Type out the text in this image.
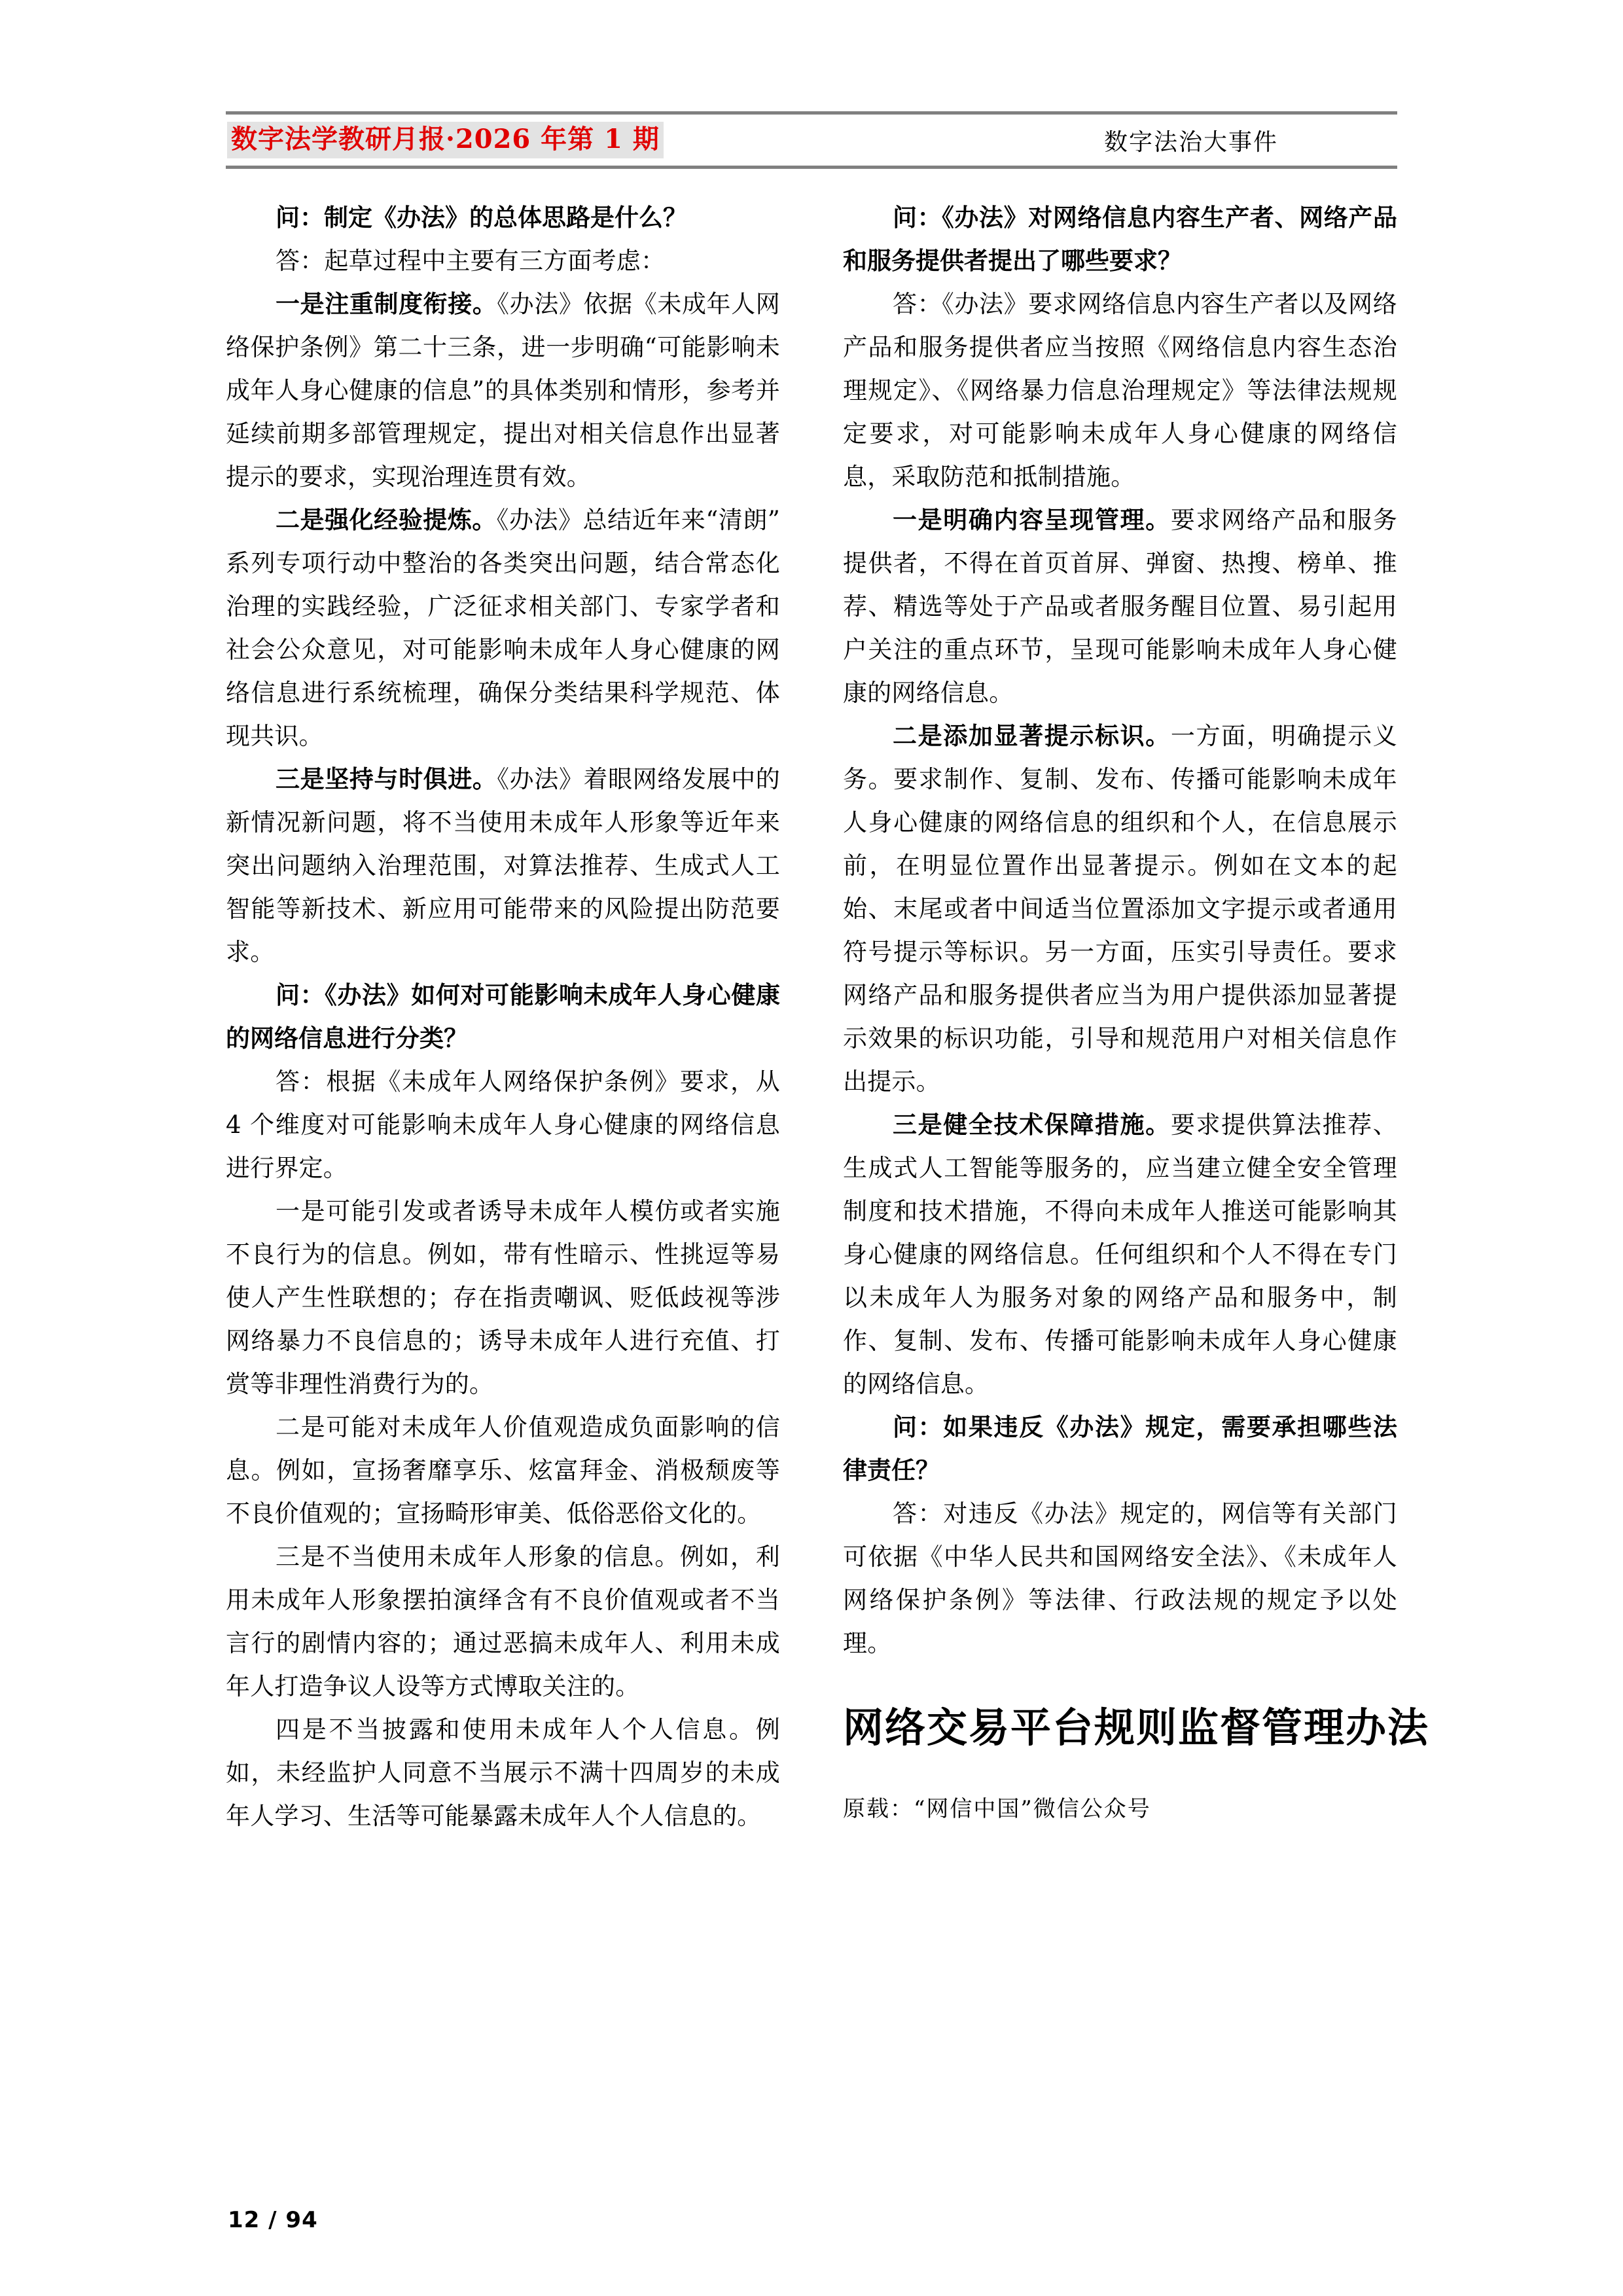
数字法学教研月报·2026 年第 1 期	数字法治大事件

问：制定《办法》的总体思路是什么？

答：起草过程中主要有三方面考虑：

一是注重制度衔接。《办法》依据《未成年人网络保护条例》第二十三条，进一步明确“可能影响未成年人身心健康的信息”的具体类别和情形，参考并延续前期多部管理规定，提出对相关信息作出显著提示的要求，实现治理连贯有效。

二是强化经验提炼。《办法》总结近年来“清朗”系列专项行动中整治的各类突出问题，结合常态化治理的实践经验，广泛征求相关部门、专家学者和社会公众意见，对可能影响未成年人身心健康的网络信息进行系统梳理，确保分类结果科学规范、体现共识。

三是坚持与时俱进。《办法》着眼网络发展中的新情况新问题，将不当使用未成年人形象等近年来突出问题纳入治理范围，对算法推荐、生成式人工智能等新技术、新应用可能带来的风险提出防范要求。

问：《办法》如何对可能影响未成年人身心健康的网络信息进行分类？

答：根据《未成年人网络保护条例》要求，从 4 个维度对可能影响未成年人身心健康的网络信息进行界定。

一是可能引发或者诱导未成年人模仿或者实施不良行为的信息。例如，带有性暗示、性挑逗等易使人产生性联想的；存在指责嘲讽、贬低歧视等涉网络暴力不良信息的；诱导未成年人进行充值、打赏等非理性消费行为的。

二是可能对未成年人价值观造成负面影响的信息。例如，宣扬奢靡享乐、炫富拜金、消极颓废等不良价值观的；宣扬畸形审美、低俗恶俗文化的。

三是不当使用未成年人形象的信息。例如，利用未成年人形象摆拍演绎含有不良价值观或者不当言行的剧情内容的；通过恶搞未成年人、利用未成年人打造争议人设等方式博取关注的。

四是不当披露和使用未成年人个人信息。例如，未经监护人同意不当展示不满十四周岁的未成年人学习、生活等可能暴露未成年人个人信息的。

问：《办法》对网络信息内容生产者、网络产品和服务提供者提出了哪些要求？

答：《办法》要求网络信息内容生产者以及网络产品和服务提供者应当按照《网络信息内容生态治理规定》、《网络暴力信息治理规定》等法律法规规定要求，对可能影响未成年人身心健康的网络信息，采取防范和抵制措施。

一是明确内容呈现管理。要求网络产品和服务提供者，不得在首页首屏、弹窗、热搜、榜单、推荐、精选等处于产品或者服务醒目位置、易引起用户关注的重点环节，呈现可能影响未成年人身心健康的网络信息。

二是添加显著提示标识。一方面，明确提示义务。要求制作、复制、发布、传播可能影响未成年人身心健康的网络信息的组织和个人，在信息展示前，在明显位置作出显著提示。例如在文本的起始、末尾或者中间适当位置添加文字提示或者通用符号提示等标识。另一方面，压实引导责任。要求网络产品和服务提供者应当为用户提供添加显著提示效果的标识功能，引导和规范用户对相关信息作出提示。

三是健全技术保障措施。要求提供算法推荐、生成式人工智能等服务的，应当建立健全安全管理制度和技术措施，不得向未成年人推送可能影响其身心健康的网络信息。任何组织和个人不得在专门以未成年人为服务对象的网络产品和服务中，制作、复制、发布、传播可能影响未成年人身心健康的网络信息。

问：如果违反《办法》规定，需要承担哪些法律责任？

答：对违反《办法》规定的，网信等有关部门可依据《中华人民共和国网络安全法》、《未成年人网络保护条例》等法律、行政法规的规定予以处理。

网络交易平台规则监督管理办法

原载：“网信中国”微信公众号

12 / 94
